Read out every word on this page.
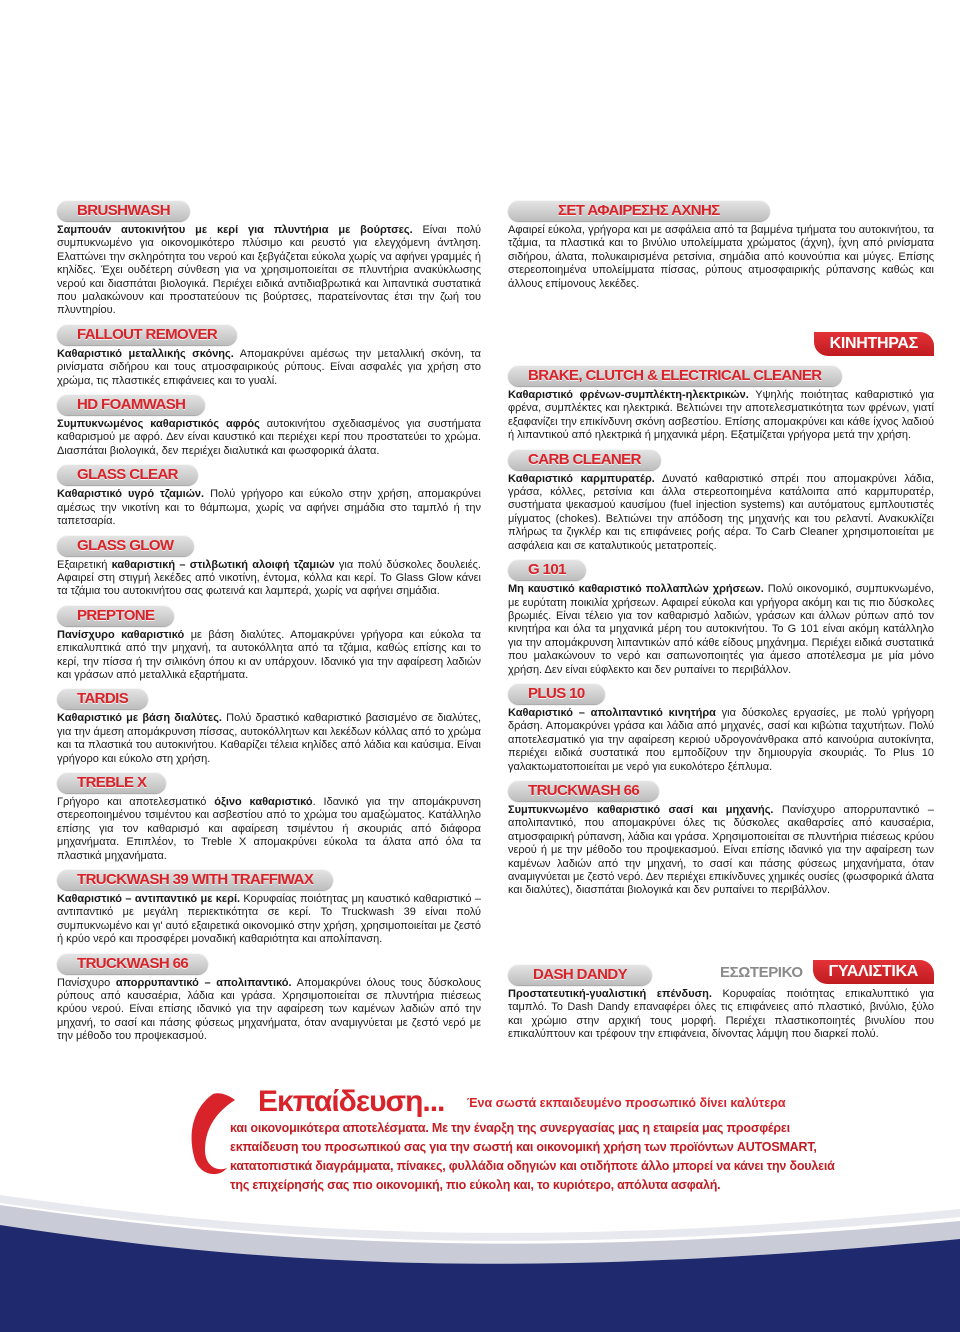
BRUSHWASH

Σαμπουάν αυτοκινήτου με κερί για πλυντήρια με βούρτσες. Είναι πολύ συμπυκνωμένο για οικονομικότερο πλύσιμο και ρευστό για ελεγχόμενη άντληση. Ελαττώνει την σκληρότητα του νερού και ξεβγάζεται εύκολα χωρίς να αφήνει γραμμές ή κηλίδες. Έχει ουδέτερη σύνθεση για να χρησιμοποιείται σε πλυντήρια ανακύκλωσης νερού και διασπάται βιολογικά. Περιέχει ειδικά αντιδιαβρωτικά και λιπαντικά συστατικά που μαλακώνουν και προστατεύουν τις βούρτσες, παρατείνοντας έτσι την ζωή του πλυντηρίου.

FALLOUT REMOVER

Καθαριστικό μεταλλικής σκόνης. Απομακρύνει αμέσως την μεταλλική σκόνη, τα ρινίσματα σιδήρου και τους ατμοσφαιρικούς ρύπους. Είναι ασφαλές για χρήση στο χρώμα, τις πλαστικές επιφάνειες και το γυαλί.

HD FOAMWASH

Συμπυκνωμένος καθαριστικός αφρός αυτοκινήτου σχεδιασμένος για συστήματα καθαρισμού με αφρό. Δεν είναι καυστικό και περιέχει κερί που προστατεύει το χρώμα. Διασπάται βιολογικά, δεν περιέχει διαλυτικά και φωσφορικά άλατα.

GLASS CLEAR

Καθαριστικό υγρό τζαμιών. Πολύ γρήγορο και εύκολο στην χρήση, απομακρύνει αμέσως την νικοτίνη και το θάμπωμα, χωρίς να αφήνει σημάδια στο ταμπλό ή την ταπετσαρία.

GLASS GLOW

Εξαιρετική καθαριστική – στιλβωτική αλοιφή τζαμιών για πολύ δύσκολες δουλειές. Αφαιρεί στη στιγμή λεκέδες από νικοτίνη, έντομα, κόλλα και κερί. To Glass Glow κάνει τα τζάμια του αυτοκινήτου σας φωτεινά και λαμπερά, χωρίς να αφήνει σημάδια.

PREPTONE

Πανίσχυρο καθαριστικό με βάση διαλύτες. Απομακρύνει γρήγορα και εύκολα τα επικαλυπτικά από την μηχανή, τα αυτοκόλλητα από τα τζάμια, καθώς επίσης και το κερί, την πίσσα ή την σιλικόνη όπου κι αν υπάρχουν. Ιδανικό για την αφαίρεση λαδιών και γράσων από μεταλλικά εξαρτήματα.

TARDIS

Καθαριστικό με βάση διαλύτες. Πολύ δραστικό καθαριστικό βασισμένο σε διαλύτες, για την άμεση απομάκρυνση πίσσας, αυτοκόλλητων και λεκέδων κόλλας από το χρώμα και τα πλαστικά του αυτοκινήτου. Καθαρίζει τέλεια κηλίδες από λάδια και καύσιμα. Είναι γρήγορο και εύκολο στη χρήση.

TREBLE X

Γρήγορο και αποτελεσματικό όξινο καθαριστικό. Ιδανικό για την απομάκρυνση στερεοποιημένου τσιμέντου και ασβεστίου από το χρώμα του αμαξώματος. Κατάλληλο επίσης για τον καθαρισμό και αφαίρεση τσιμέντου ή σκουριάς από διάφορα μηχανήματα. Επιπλέον, το Treble X απομακρύνει εύκολα τα άλατα από όλα τα πλαστικά μηχανήματα.

TRUCKWASH 39 WITH TRAFFIWAX

Καθαριστικό – αντιπαντικό με κερί. Κορυφαίας ποιότητας μη καυστικό καθαριστικό – αντιπαντικό με μεγάλη περιεκτικότητα σε κερί. To Truckwash 39 είναι πολύ συμπυκνωμένο και γι' αυτό εξαιρετικά οικονομικό στην χρήση, χρησιμοποιείται με ζεστό ή κρύο νερό και προσφέρει μοναδική καθαριότητα και απολίπανση.

TRUCKWASH 66

Πανίσχυρο απορρυπαντικό – απολιπαντικό. Απομακρύνει όλους τους δύσκολους ρύπους από καυσαέρια, λάδια και γράσα. Χρησιμοποιείται σε πλυντήρια πιέσεως κρύου νερού. Είναι επίσης ιδανικό για την αφαίρεση των καμένων λαδιών από την μηχανή, το σασί και πάσης φύσεως μηχανήματα, όταν αναμιγνύεται με ζεστό νερό με την μέθοδο του προψεκασμού.

ΣΕΤ ΑΦΑΙΡΕΣΗΣ ΑΧΝΗΣ

Αφαιρεί εύκολα, γρήγορα και με ασφάλεια από τα βαμμένα τμήματα του αυτοκινήτου, τα τζάμια, τα πλαστικά και το βινύλιο υπολείμματα χρώματος (άχνη), ίχνη από ρινίσματα σιδήρου, άλατα, πολυκαιρισμένα ρετσίνια, σημάδια από κουνούπια και μύγες. Επίσης στερεοποιημένα υπολείμματα πίσσας, ρύπους ατμοσφαιρικής ρύπανσης καθώς και άλλους επίμονους λεκέδες.

ΚΙΝΗΤΗΡΑΣ
BRAKE, CLUTCH & ELECTRICAL CLEANER

Καθαριστικό φρένων-συμπλέκτη-ηλεκτρικών. Υψηλής ποιότητας καθαριστικό για φρένα, συμπλέκτες και ηλεκτρικά. Βελτιώνει την αποτελεσματικότητα των φρένων, γιατί εξαφανίζει την επικίνδυνη σκόνη ασβεστίου. Επίσης απομακρύνει και κάθε ίχνος λαδιού ή λιπαντικού από ηλεκτρικά ή μηχανικά μέρη. Εξατμίζεται γρήγορα μετά την χρήση.

CARB CLEANER

Καθαριστικό καρμπυρατέρ. Δυνατό καθαριστικό σπρέι που απομακρύνει λάδια, γράσα, κόλλες, ρετσίνια και άλλα στερεοποιημένα κατάλοιπα από καρμπυρατέρ, συστήματα ψεκασμού καυσίμου (fuel injection systems) και αυτόματους εμπλουτιστές μίγματος (chokes). Βελτιώνει την απόδοση της μηχανής και του ρελαντί. Ανακυκλίζει πλήρως τα ζιγκλέρ και τις επιφάνειες ροής αέρα. To Carb Cleaner χρησιμοποιείται με ασφάλεια και σε καταλυτικούς μετατροπείς.

G 101

Μη καυστικό καθαριστικό πολλαπλών χρήσεων. Πολύ οικονομικό, συμπυκνωμένο, με ευρύτατη ποικιλία χρήσεων. Αφαιρεί εύκολα και γρήγορα ακόμη και τις πιο δύσκολες βρωμιές. Είναι τέλειο για τον καθαρισμό λαδιών, γράσων και άλλων ρύπων από τον κινητήρα και όλα τα μηχανικά μέρη του αυτοκινήτου. To G 101 είναι ακόμη κατάλληλο για την απομάκρυνση λιπαντικών από κάθε είδους μηχάνημα. Περιέχει ειδικά συστατικά που μαλακώνουν το νερό και σαπωνοποιητές για άμεσο αποτέλεσμα με μία μόνο χρήση. Δεν είναι εύφλεκτο και δεν ρυπαίνει το περιβάλλον.

PLUS 10

Καθαριστικό – απολιπαντικό κινητήρα για δύσκολες εργασίες, με πολύ γρήγορη δράση. Απομακρύνει γράσα και λάδια από μηχανές, σασί και κιβώτια ταχυτήτων. Πολύ αποτελεσματικό για την αφαίρεση κεριού υδρογονάνθρακα από καινούρια αυτοκίνητα, περιέχει ειδικά συστατικά που εμποδίζουν την δημιουργία σκουριάς. Το Plus 10 γαλακτωματοποιείται με νερό για ευκολότερο ξέπλυμα.

TRUCKWASH 66

Συμπυκνωμένο καθαριστικό σασί και μηχανής. Πανίσχυρο απορρυπαντικό – απολιπαντικό, που απομακρύνει όλες τις δύσκολες ακαθαρσίες από καυσαέρια, ατμοσφαιρική ρύπανση, λάδια και γράσα. Χρησιμοποιείται σε πλυντήρια πιέσεως κρύου νερού ή με την μέθοδο του προψεκασμού. Είναι επίσης ιδανικό για την αφαίρεση των καμένων λαδιών από την μηχανή, το σασί και πάσης φύσεως μηχανήματα, όταν αναμιγνύεται με ζεστό νερό. Δεν περιέχει επικίνδυνες χημικές ουσίες (φωσφορικά άλατα και διαλύτες), διασπάται βιολογικά και δεν ρυπαίνει το περιβάλλον.

ΕΣΩΤΕΡΙΚΟ	ΓΥΑΛΙΣΤΙΚΑ
DASH DANDY

Προστατευτική-γυαλιστική επένδυση. Κορυφαίας ποιότητας επικαλυπτικό για ταμπλό. Το Dash Dandy επαναφέρει όλες τις επιφάνειες από πλαστικό, βινύλιο, ξύλο και χρώμιο στην αρχική τους μορφή. Περιέχει πλαστικοποιητές βινυλίου που επικαλύπτουν και τρέφουν την επιφάνεια, δίνοντας λάμψη που διαρκεί πολύ.

Εκπαίδευση... Ένα σωστά εκπαιδευμένο προσωπικό δίνει καλύτερα

και οικονομικότερα αποτελέσματα. Με την έναρξη της συνεργασίας μας η εταιρεία μας προσφέρει εκπαίδευση του προσωπικού σας για την σωστή και οικονομική χρήση των προϊόντων AUTOSMART, κατατοπιστικά διαγράμματα, πίνακες, φυλλάδια οδηγιών και οτιδήποτε άλλο μπορεί να κάνει την δουλειά της επιχείρησής σας πιο οικονομική, πιο εύκολη και, το κυριότερο, απόλυτα ασφαλή.
